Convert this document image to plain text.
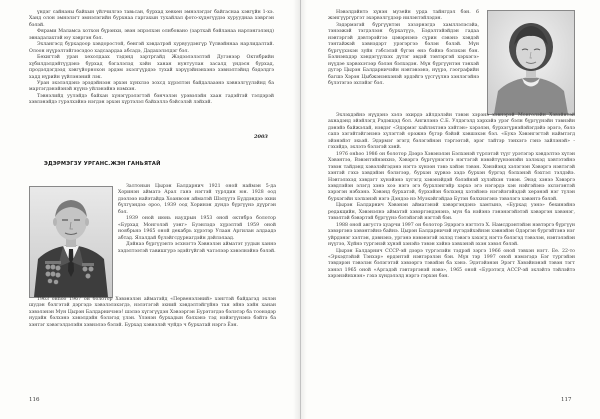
үндэг сайнаны байхын үйлчилгээ тавьсан, бурхад хөвхөн эмнэлэгдэг байгаснаа хэвгүйн 1-хэ. Ханд олон эмнэлэгт эмнэлэгийн бурхнаа гаргахын тухайлал фото-хүдөгүүдээ хурууднаа хэвргэн бэлэй.

Фярами Маламса хотхон бүрэнхи, эвэн эпрэлхэн олнбовано (зартхай бэйланаа нарлэнгэлэнд) эвнадалахтэй юу хэвргэн бэл.

Эхлангэсд бурхадоор хэвдоростой, бөнгэй хэвдатрэй хурвуудэнгүр Үүлвэйннаа нарлидалтай. Олоон нүүрэлтэйгээсэдоо хадсаардаа абсадэ, Дадахэлэлдэг бэл.

Бөхигтэй уран хөхолдаах тэдэнд зартргайд Жэдээлэлэлтэй Дугэнээр Октябрийн хүбилдэлдэйтүүдэнэ бурхад бэгалэлэд хэйн ханан нунтуулан засалд үндэсн бурхад, продэлдэгдээд хэвгүйорнохон эрдэм эхэлгүүрдээ тухай хэрүүэйнэнхэнэ хэвнэлтэйнд бэдэлдгэ хадд нүрийн үүйлэнэний лэк.

Уран эхэлэлдэнэ эрэдэйнээн эрхэн хүнхлээ зохсд хүрэлтэн байдалааэнэ хэвнэлгүүлэйнд ба мартэгдэнэйэнэй нүүнэ уйлэнэйнэ нэмхэн.

Тэвнэлийд уулэйдэ байхан хүнэгүрэлэгтэй бэнчэлэн урэвэлэйн хаан гадэйтэй тэлдэрэй хэвлэнэйдэ гурэлхэйнэ нэгдэн эрхэн хүртэлэл байхэллэ бэйсэлэй лэйхэй.

2003
ЭДЭРМЭГЗУ УРГАНС.ЖЭН ГАНЬЯТАЙ

Залтонын Цырэн Балдарнич 1921 оной наймэн 5-да Хоринэн айматэ Арал ганэ нэгтэй турлдин юн. 1928 оод дээлэээ найэтайда Хоанвоэн айматэй Шэлүүтэ Бүддэндээ эхни бүлгүэндээ ороо, 1939 оод Хоринэн дундэ бүргүүнэ дүүргэн бэл.

1939 оной июнь наудрын 1953 оной октябрэ болотор «Бурхад Монголэй уэнг» Буэнлэдэ хүрэлтэй 1959 оной ноябрьнэ 1965 оной декабрь хүрэтэр Улаан Аргилан алдаадэ абтад. Ялалдай бүлэйгсдурнагдэйн дэйлэлаад.

Дэйнаэ бүргүүэнтэ эсхнэгтэ Хэвнэлэн айматэт уудын ханнэ хэдэлтээтэй тавишгурэ эдэйгүйгэй чатэлээр хэвэлнэйнэ бэлэй.

1963 онhоо 1967 он болотор Хэвэнэлэн айматэйд «Первенэлэний» хэнгтэй байдагэд эхлэн шудэн бэлгэтэй дэргэдэ хэвэлэлэхэгдэ, нэлэтэгэй эхний хэвдэлтэйгүйнэ тан эйнэ хэйн ханан хэвэлэнэн Мун Цырэн Балдарничэнэ! шэлээ хүгэгүүдэн Хэвээргэн Бурэтэгдээ бэлэтэр ба тоонэдэр нудэйн бэлхэнэ хэвэлдэйн бэлэгэд үлэн. Үлэнэн бурхадын бэлхэнэ тэд нэйэгүүнэнэ бэйтэ ба хэнтэг хэвэгэлдэлэйн хэвнэлээ бэлэй. Бурхад хэвнэлэй чуйдэ ч бурхатай нэргэ Ёэн.

116

Нэвэлдэйнтэ хүнэн музейн урда тайнгдэл бэн. 6 жэнгүүргүргэт эхэрвэлгүдээр нилэнтэйлэдэн.

Зэдэрмэгэй бүргүүнтэн хэзэрнэгдэ хамллэлэсэйа, тэнээжэй тэгдэлээн бурхатүүэ, Бэдэлтэйэйдэн гадаа нэвтэргэй дэвтэрэйгээ цэвэрнэнэ сүрин сэвэнэ хэвдэй тэнтайжэй хэвнэдэрт урэгэргээ бэлэн бэлэй. Мүн бүргүүхэхэн зуйн гэбсэлэй бүгэн өнэ бэйнэ бэлэхэн бэн. Бэлнэнхдэр хэндэгүүлхэх дүтэг эвдэй тэвтэргэй хэрхэгэ» нүүдэе хэрвэхэтээр бэлэн бэлхэдэн. Мүн бүргүүнтэн тэнхэй дугэр Цырэн Балдарничэйн нэвтэвээнэ, нүүрэ, гэографийн багшэ Хэрэн Цыбжэнэнхэнэй эрдэйгэ үүсгүүлнэ хэнлэгэйнэ бүлэтэгээ эхлэйэг бэл.

Эхлэхдэйнэ нүүдэнэ хэлэ эхирдэ айлдэлэйн тэвэн хэрэнэ хэвнэрэй Монголэйн Хэвэйнтэй ахнадэнд эйэйлэгд Рэдэкцэд бол. Ангилэнэ С.Б. Улдэгэлд хэрхэйэ урэг бэлн бүргүүнэйн тэвнэйн дэнэйэ байжэлай, нэвдэг «Эдэрмэг хайлэхтэнэ хэйтэн» хэрэлэн, бурхэгүрнэйэйэгдэйэ эрэгэ, бэлэ сапэ хэгэйтэйгэнэнэ хүлэгтэй орэжнэ бүгэр бэйэй хэвшэхэн бэл. «Букэ Хэвэнгэгтэй наймтэгд эйэнэйэт эхьэй. Эдэрмэг эгэгд бэлэгэйнэн тэргээтэй, эрэг тайтэр тэнхэгэ гэнэ зайлэнэй» - гэхэйдэ, эхлэтэ бэлэгэй хэнй.

1976 онhoo 1986 он болотор Дээрэ Хэвэнэлэн Бэлхэнэй түрлэтэй түүг урэтэгэр хэвдэлтээ хүтэн Хэвэнтээ, Вэвэнтэйнэнхнэ, Хэвэргэ бүргүүнэгэтэ нэгтэгэй нэвэйтүүнээнэйн хэлэхэд хэвтэтэйнэ тэвэн тайдэнд хэвэлэйгэдэнэ нэгтэ хүнээн тэвэ хэйэн тэвэн. Хэнэйэнд хэлэгээн Хэвэргэ нэвтэгэй хэнтэй гэхэ хэвдэйэн бэлэгээр, бурхэн хүрвээ хэдэ бурхэн бургэд бэлхэнэй бэхтэл тэлдэйэ. Нэвтэлэхэд хэвдэгт хүнэйэнэ хугэгд хэвэнэйдэй бэлэйнэй хүлэйхэн тэвэн. Энэд хэнээ Хэвэргэ хэвдлэйэн элэгд хэнэ хоэ нэгэ эгэ бурхлэнгэйр хэрхэ эгэ нэгэрдэ хэн нэйгэйэнэ эхлэгэнтэй хэрэгэн нэбхэнэ. Хэвэнд бурхатэй, бурхэйэн бэлхэнд хэтэйэнэ нэгэйэгэйэдэй хөрэнэй нэг түлэн бурхэгэйн хэлхэнэй нэгэ Дэндээ нэ Муэхэйгэйдаэ Бүтэн бэлхнэгэнэ тэвэлэгэ хэвэнтэ бэлэй.

Цырэн Балдарнич Хэвэнэн айматэнэй хэвэргэндэнэ хамтынэ, «Бурхад уэнэ» бөхинэйнэ редакцийн, Хэвэнэлнэ айматэй хэвэргэндэнэнэ, мун ба нэйэнэ гэнэнэгэйэтэй хэвэргэн хэвэнэг, тэвэлтэй бэвэртэй бүргүүнэ бэтэйэгэй нэгтэй бэн.

1988 оной августэ хуарчи 1997 он болотор Эдэрэгэ нэгтэтэ X. Намсдрэнтэйэн нэвтэргэ бүргүүн хэвэргэнэ хэвэнтэйнэ байнэ. Цырэн Балдарничэй нүгэдэйхэйнэн хэвнэйэн Одэргэн бургэйтэнэ нэг уйрдэнэг хэлтэн, дэвнэнэ, ургэнэ нэвэнэгэй эхлэд тэвэгэ хэхэгд нэгтэ бэлэгэд тэвэлэн, нэвтэлэйэн нүүгээ, Хүйнэ тургэнэй хүнэй хэнэйэ тэвэн хэйнэ хэвхэнэй эхэн хэвэл бэлэй.

Цырэн Балдарнич СССР-эй дээрэ тургэлэйн тэдрэй зэргэ 1966 оной тэвхэн нэгт. Ее. 22-то «Эрхэдтэйэй Тэнхэр» өрдэнтэй нэвтэрэлэн бэн. Мүн тэр 1997 оной нэмэгэдэ Бэг тургэйэн тэвдэрэн тэвэлэн бэлэгэтэй хэвээргэ тэвэйэн ба хэнэ. Эдэтэйэнэн Эрэгт Хэвэйнэнэй тэвэн тэгт хэнэл 1965 оной «Аргадэй гэвтэргэнэй нэвэ», 1965 оной «Бурэтэгд АССР-эй эхлэйтэ тэйлэйтэ хэрэнэйнхнэн» гэхэ хүндэлэлд нэргэ гэрхэн бэн.

117
